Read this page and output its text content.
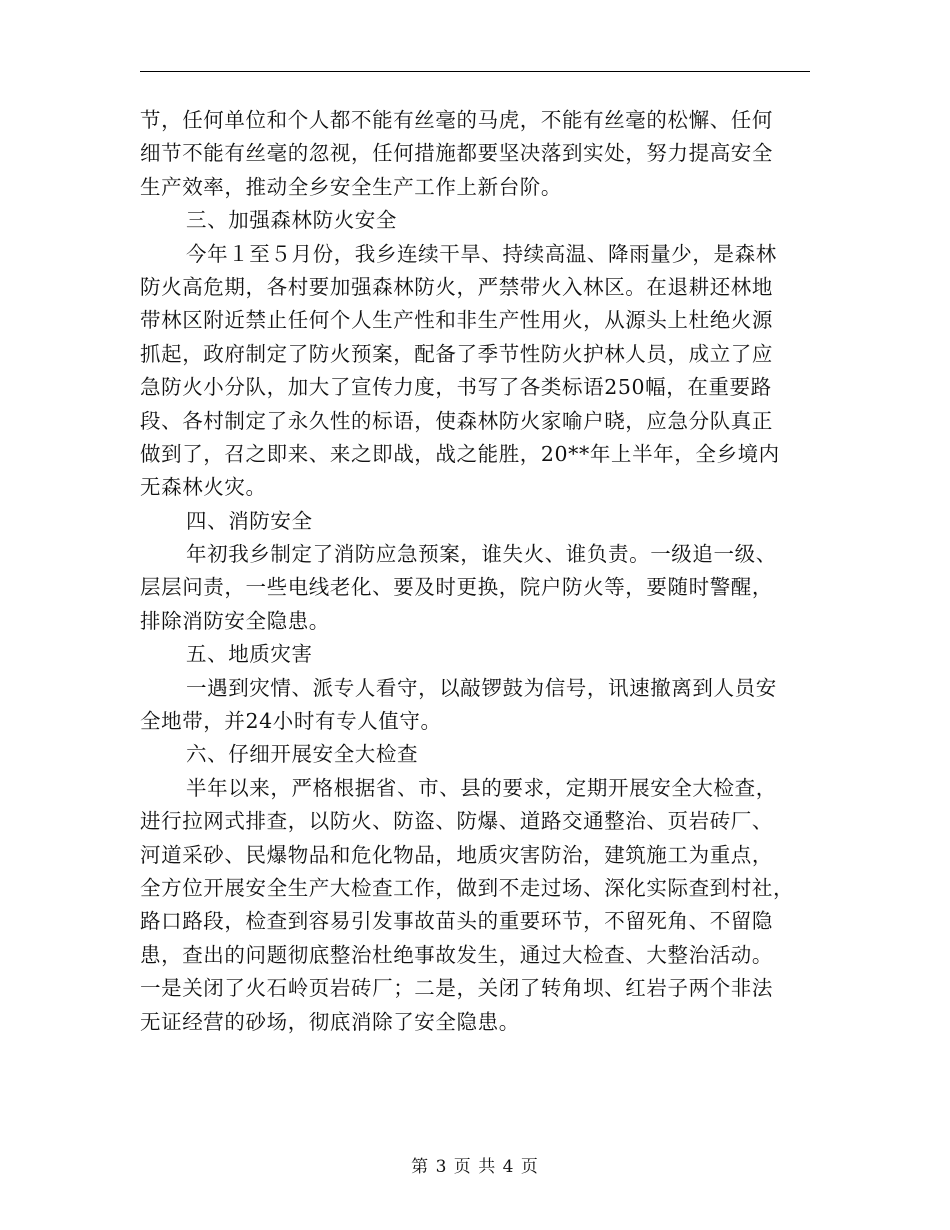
节，任何单位和个人都不能有丝毫的马虎，不能有丝毫的松懈、任何
细节不能有丝毫的忽视，任何措施都要坚决落到实处，努力提高安全
生产效率，推动全乡安全生产工作上新台阶。
三、加强森林防火安全
今年１至５月份，我乡连续干旱、持续高温、降雨量少，是森林
防火高危期，各村要加强森林防火，严禁带火入林区。在退耕还林地
带林区附近禁止任何个人生产性和非生产性用火，从源头上杜绝火源
抓起，政府制定了防火预案，配备了季节性防火护林人员，成立了应
急防火小分队，加大了宣传力度，书写了各类标语250幅，在重要路
段、各村制定了永久性的标语，使森林防火家喻户晓，应急分队真正
做到了，召之即来、来之即战，战之能胜，20**年上半年，全乡境内
无森林火灾。
四、消防安全
年初我乡制定了消防应急预案，谁失火、谁负责。一级追一级、
层层问责，一些电线老化、要及时更换，院户防火等，要随时警醒，
排除消防安全隐患。
五、地质灾害
一遇到灾情、派专人看守，以敲锣鼓为信号，讯速撤离到人员安
全地带，并24小时有专人值守。
六、仔细开展安全大检查
半年以来，严格根据省、市、县的要求，定期开展安全大检查，
进行拉网式排查，以防火、防盗、防爆、道路交通整治、页岩砖厂、
河道采砂、民爆物品和危化物品，地质灾害防治，建筑施工为重点，
全方位开展安全生产大检查工作，做到不走过场、深化实际查到村社，
路口路段，检查到容易引发事故苗头的重要环节，不留死角、不留隐
患，查出的问题彻底整治杜绝事故发生，通过大检查、大整治活动。
一是关闭了火石岭页岩砖厂；二是，关闭了转角坝、红岩子两个非法
无证经营的砂场，彻底消除了安全隐患。
第 3 页 共 4 页
